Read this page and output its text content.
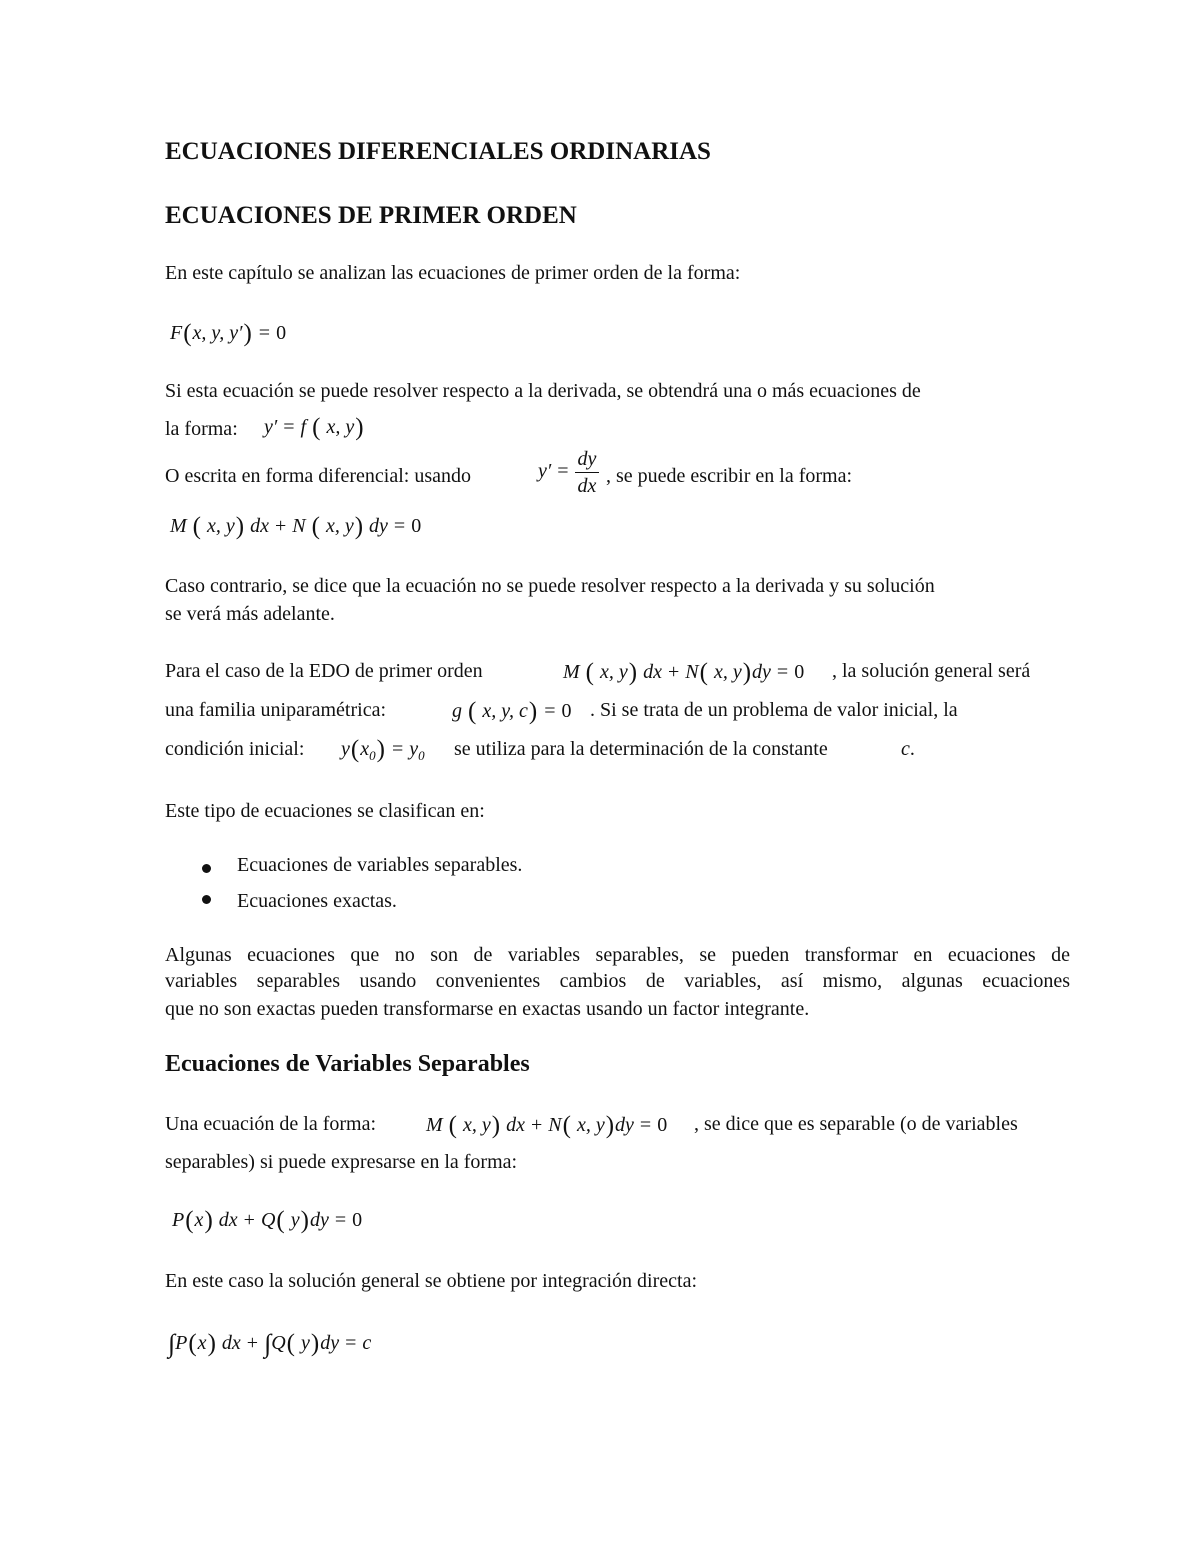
ECUACIONES DIFERENCIALES ORDINARIAS
ECUACIONES DE PRIMER ORDEN
En este capítulo se analizan las ecuaciones de primer orden de la forma:
F(x, y, y′) = 0
Si esta ecuación se puede resolver respecto a la derivada, se obtendrá una o más ecuaciones de
la forma: y′ = f ( x, y)
O escrita en forma diferencial: usando	$y' = \frac{dy}{dx}$ , se puede escribir en la forma:
M ( x, y) dx + N ( x, y) dy = 0
Caso contrario, se dice que la ecuación no se puede resolver respecto a la derivada y su solución
se verá más adelante.
Para el caso de la EDO de primer orden	M ( x, y) dx + N( x, y)dy = 0 , la solución general será
una familia uniparamétrica:	g ( x, y, c) = 0 . Si se trata de un problema de valor inicial, la
condición inicial: $y(x_0) = y_0$ se utiliza para la determinación de la constante	c.
Este tipo de ecuaciones se clasifican en:
Ecuaciones de variables separables.
Ecuaciones exactas.
Algunas ecuaciones que no son de variables separables, se pueden transformar en ecuaciones de
variables separables usando convenientes cambios de variables, así mismo, algunas ecuaciones
que no son exactas pueden transformarse en exactas usando un factor integrante.
Ecuaciones de Variables Separables
Una ecuación de la forma: M ( x, y) dx + N( x, y)dy = 0 , se dice que es separable (o de variables
separables) si puede expresarse en la forma:
P(x) dx + Q( y)dy = 0
En este caso la solución general se obtiene por integración directa:
∫P(x) dx + ∫Q( y)dy = c
